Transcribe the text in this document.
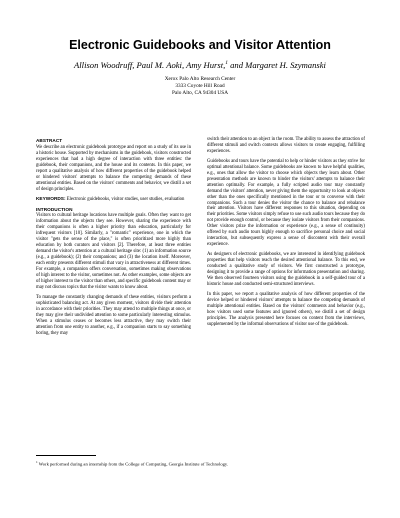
Electronic Guidebooks and Visitor Attention
Allison Woodruff, Paul M. Aoki, Amy Hurst,$^1$ and Margaret H. Szymanski
Xerox Palo Alto Research Center
3333 Coyote Hill Road
Palo Alto, CA 94304 USA
ABSTRACT

We describe an electronic guidebook prototype and report on a study of its use in a historic house. Supported by mechanisms in the guidebook, visitors constructed experiences that had a high degree of interaction with three entities: the guidebook, their companions, and the house and its contents. In this paper, we report a qualitative analysis of how different properties of the guidebook helped or hindered visitors' attempts to balance the competing demands of these attentional entities. Based on the visitors' comments and behavior, we distill a set of design principles.

KEYWORDS: Electronic guidebooks, visitor studies, user studies, evaluation

INTRODUCTION

Visitors to cultural heritage locations have multiple goals. Often they want to get information about the objects they see. However, sharing the experience with their companions is often a higher priority than education, particularly for infrequent visitors [10]. Similarly, a "romantic" experience, one in which the visitor "gets the sense of the place," is often prioritized more highly than education by both curators and visitors [2]. Therefore, at least three entities demand the visitor's attention at a cultural heritage site: (1) an information source (e.g., a guidebook); (2) their companions; and (3) the location itself. Moreover, each entity presents different stimuli that vary in attractiveness at different times. For example, a companion offers conversation, sometimes making observations of high interest to the visitor, sometimes not. As other examples, some objects are of higher interest to the visitor than others, and specific guidebook content may or may not discuss topics that the visitor wants to know about.

To manage the constantly changing demands of these entities, visitors perform a sophisticated balancing act. At any given moment, visitors divide their attention in accordance with their priorities. They may attend to multiple things at once, or they may give their undivided attention to some particularly interesting stimulus. When a stimulus ceases or becomes less attractive, they may switch their attention from one entity to another, e.g., if a companion starts to say something boring, they may

switch their attention to an object in the room. The ability to assess the attraction of different stimuli and switch contexts allows visitors to create engaging, fulfilling experiences.

Guidebooks and tours have the potential to help or hinder visitors as they strive for optimal attentional balance. Some guidebooks are known to have helpful qualities, e.g., ones that allow the visitor to choose which objects they learn about. Other presentation methods are known to hinder the visitors' attempts to balance their attention optimally. For example, a fully scripted audio tour may constantly demand the visitors' attention, never giving them the opportunity to look at objects other than the ones specifically mentioned in the tour or to converse with their companions. Such a tour denies the visitor the chance to balance and rebalance their attention. Visitors have different responses to this situation, depending on their priorities. Some visitors simply refuse to use such audio tours because they do not provide enough control, or because they isolate visitors from their companions. Other visitors prize the information or experience (e.g., a sense of continuity) offered by such audio tours highly enough to sacrifice personal choice and social interaction, but subsequently express a sense of discontent with their overall experience.

As designers of electronic guidebooks, we are interested in identifying guidebook properties that help visitors reach the desired attentional balance. To this end, we conducted a qualitative study of visitors. We first constructed a prototype, designing it to provide a range of options for information presentation and sharing. We then observed fourteen visitors using the guidebook in a self-guided tour of a historic house and conducted semi-structured interviews.

In this paper, we report a qualitative analysis of how different properties of the device helped or hindered visitors' attempts to balance the competing demands of multiple attentional entities. Based on the visitors' comments and behavior (e.g., how visitors used some features and ignored others), we distill a set of design principles. The analysis presented here focuses on content from the interviews, supplemented by the informal observations of visitor use of the guidebook.

$^1$ Work performed during an internship from the College of Computing, Georgia Institute of Technology.
